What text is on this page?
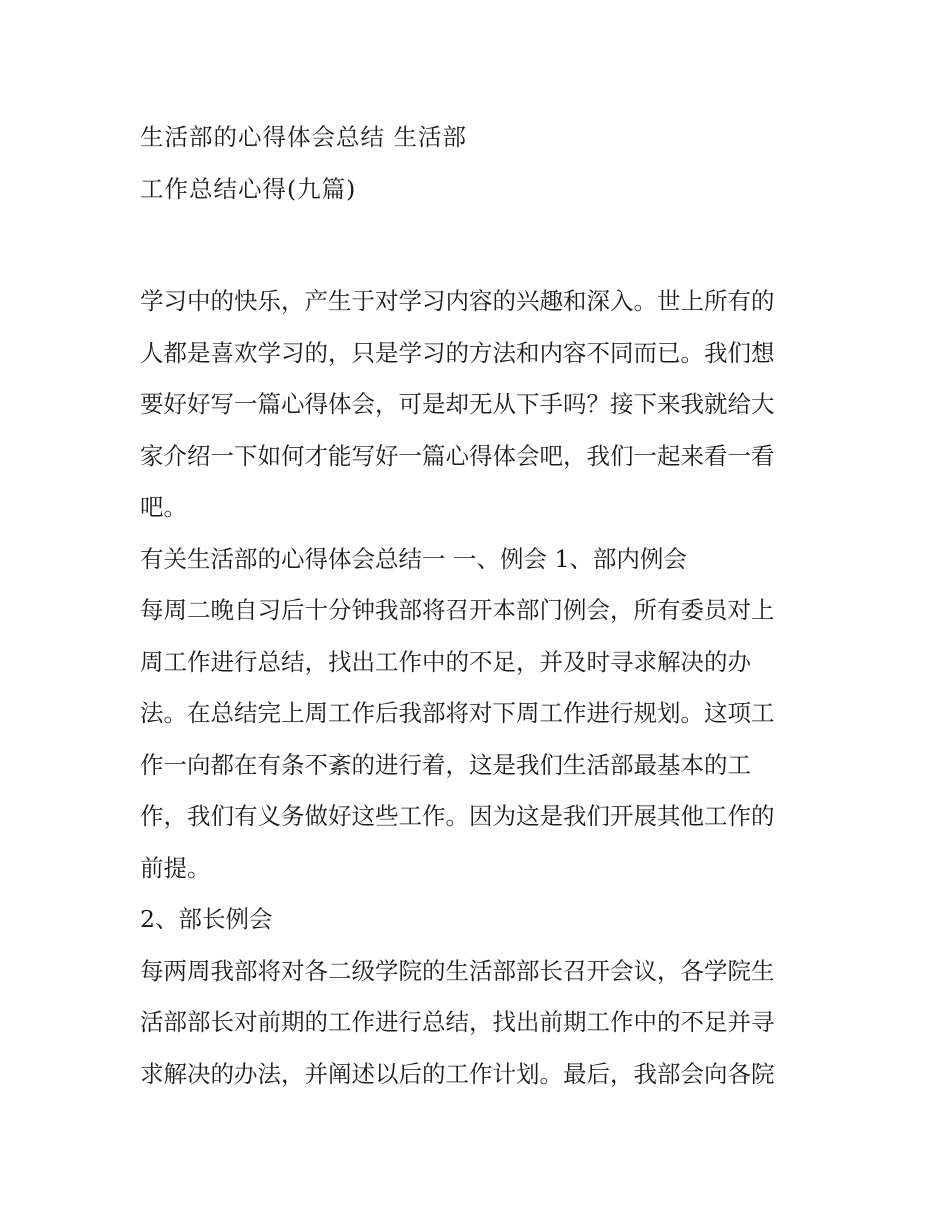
生活部的心得体会总结 生活部
工作总结心得(九篇)
学习中的快乐，产生于对学习内容的兴趣和深入。世上所有的
人都是喜欢学习的，只是学习的方法和内容不同而已。我们想
要好好写一篇心得体会，可是却无从下手吗？接下来我就给大
家介绍一下如何才能写好一篇心得体会吧，我们一起来看一看
吧。
有关生活部的心得体会总结一 一、例会 1、部内例会
每周二晚自习后十分钟我部将召开本部门例会，所有委员对上
周工作进行总结，找出工作中的不足，并及时寻求解决的办
法。在总结完上周工作后我部将对下周工作进行规划。这项工
作一向都在有条不紊的进行着，这是我们生活部最基本的工
作，我们有义务做好这些工作。因为这是我们开展其他工作的
前提。
2、部长例会
每两周我部将对各二级学院的生活部部长召开会议，各学院生
活部部长对前期的工作进行总结，找出前期工作中的不足并寻
求解决的办法，并阐述以后的工作计划。最后，我部会向各院
